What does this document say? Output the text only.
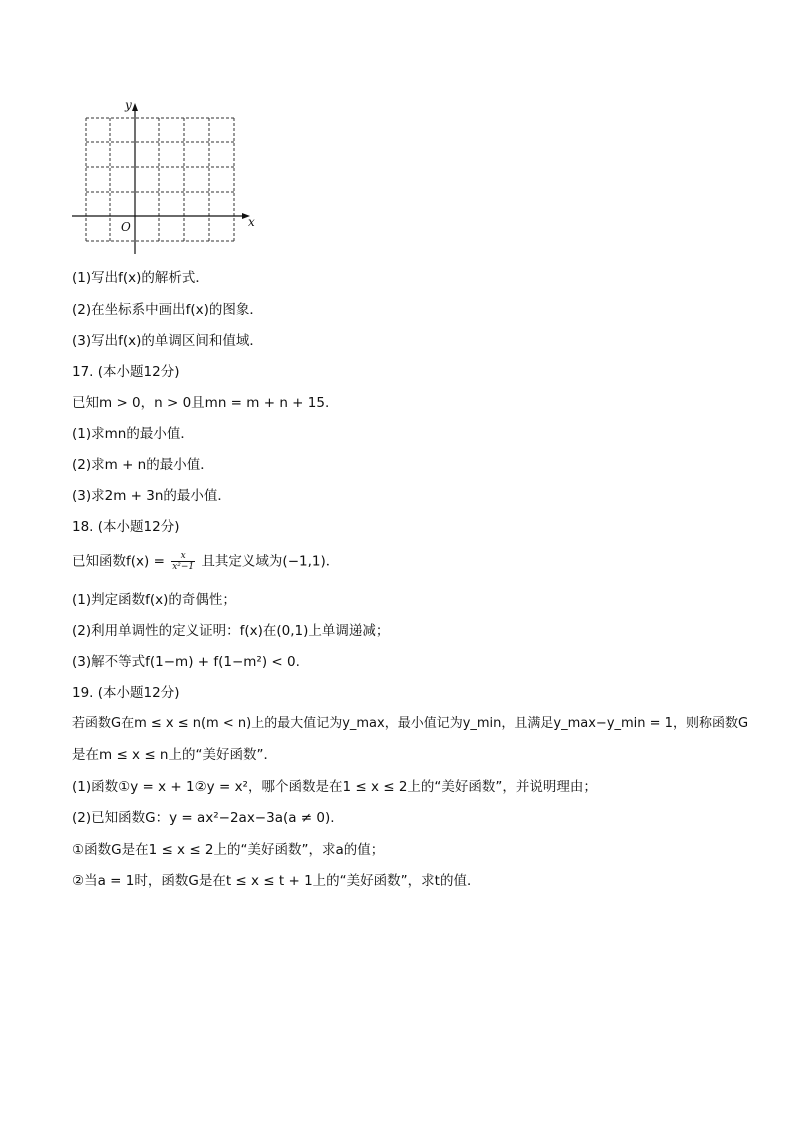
y
x
O
(1)写出f(x)的解析式．
(2)在坐标系中画出f(x)的图象．
(3)写出f(x)的单调区间和值域．
17. (本小题12分)
已知m > 0，n > 0且mn = m + n + 15.
(1)求mn的最小值．
(2)求m + n的最小值．
(3)求2m + 3n的最小值．
18. (本小题12分)
已知函数$f(x) = \frac{x}{\text{x²−1}}$ 且其定义域为(−1,1)．
(1)判定函数f(x)的奇偶性；
(2)利用单调性的定义证明：f(x)在(0,1)上单调递减；
(3)解不等式f(1−m) + f(1−m²) < 0.
19. (本小题12分)
若函数G在m ≤ x ≤ n(m < n)上的最大值记为y_max，最小值记为y_min，且满足y_max−y_min = 1，则称函数G
是在m ≤ x ≤ n上的“美好函数”．
(1)函数①y = x + 1②y = x²，哪个函数是在1 ≤ x ≤ 2上的“美好函数”，并说明理由；
(2)已知函数G：y = ax²−2ax−3a(a ≠ 0).
①函数G是在1 ≤ x ≤ 2上的“美好函数”，求a的值；
②当a = 1时，函数G是在t ≤ x ≤ t + 1上的“美好函数”，求t的值．
